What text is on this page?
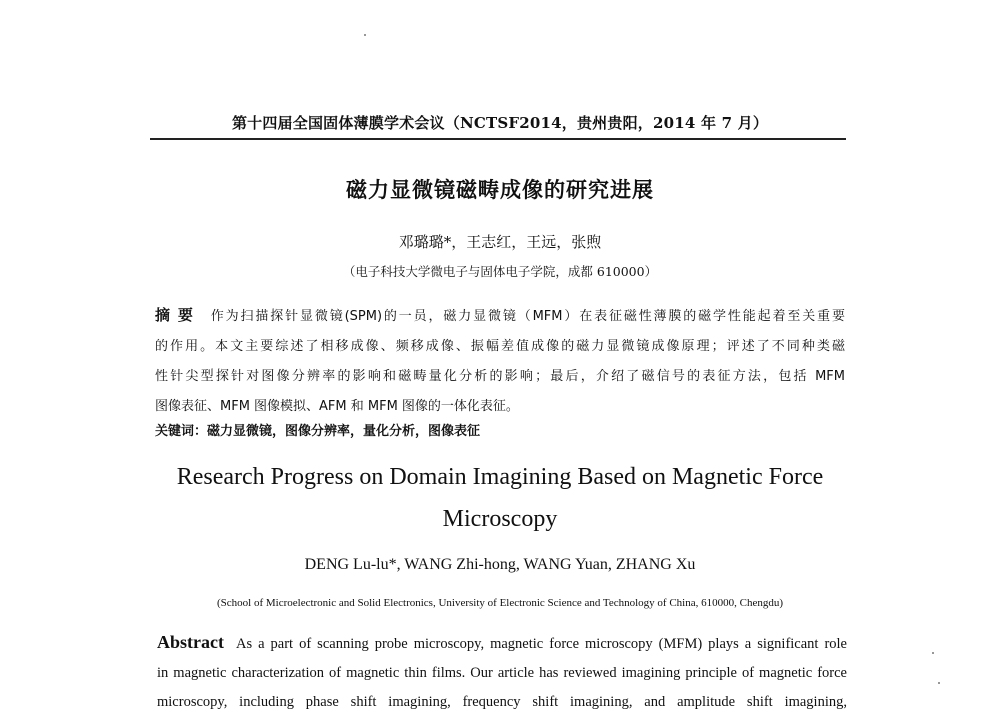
第十四届全国固体薄膜学术会议（NCTSF2014，贵州贵阳，2014 年 7 月）
磁力显微镜磁畴成像的研究进展
邓璐璐*，王志红，王远，张煦
（电子科技大学微电子与固体电子学院，成都 610000）
摘要 作为扫描探针显微镜(SPM)的一员，磁力显微镜（MFM）在表征磁性薄膜的磁学性能起着至关重要
的作用。本文主要综述了相移成像、频移成像、振幅差值成像的磁力显微镜成像原理；评述了不同种类磁
性针尖型探针对图像分辨率的影响和磁畴量化分析的影响；最后，介绍了磁信号的表征方法，包括 MFM
图像表征、MFM 图像模拟、AFM 和 MFM 图像的一体化表征。
关键词：磁力显微镜，图像分辨率，量化分析，图像表征
Research Progress on Domain Imagining Based on Magnetic Force
Microscopy
DENG Lu-lu*, WANG Zhi-hong, WANG Yuan, ZHANG Xu
(School of Microelectronic and Solid Electronics, University of Electronic Science and Technology of China, 610000, Chengdu)
Abstract As a part of scanning probe microscopy, magnetic force microscopy (MFM) plays a significant role
in magnetic characterization of magnetic thin films. Our article has reviewed imagining principle of magnetic force
microscopy, including phase shift imagining, frequency shift imagining, and amplitude shift imagining,
